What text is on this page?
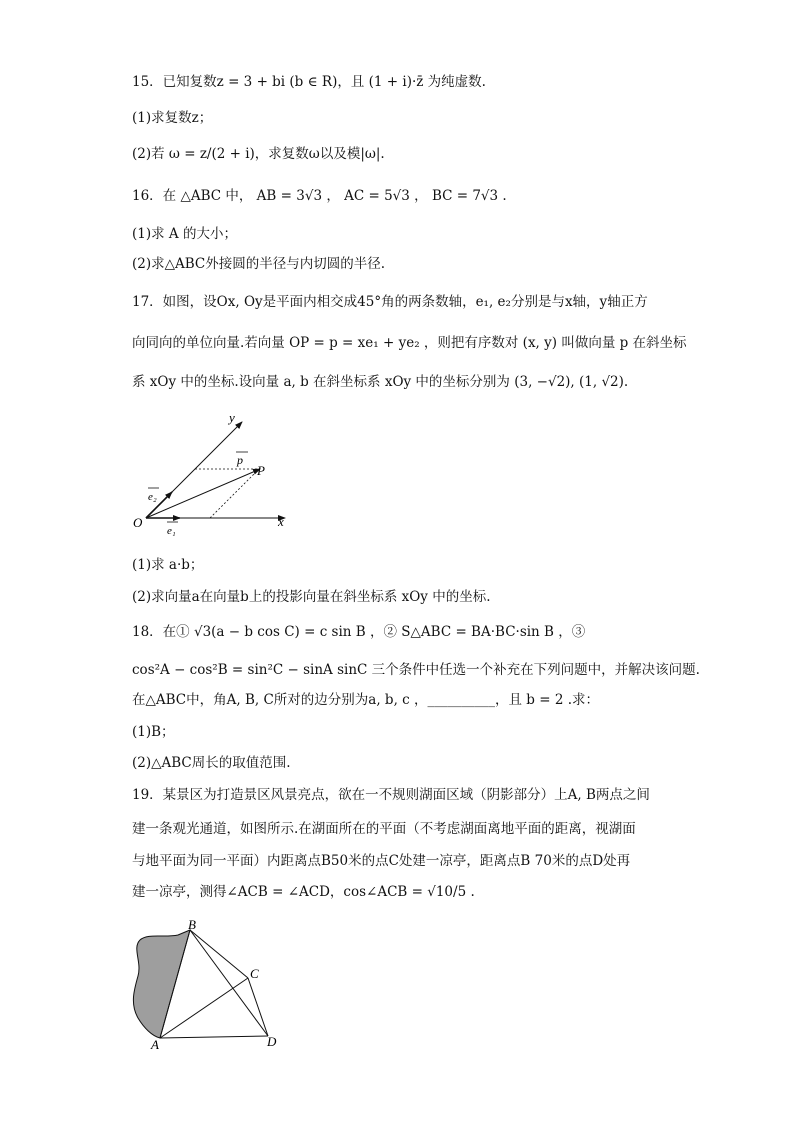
15．已知复数z = 3 + bi (b ∈ R)，且 (1 + i)·z̄ 为纯虚数.
(1)求复数z；
(2)若 ω = z/(2 + i)，求复数ω以及模|ω|.
16．在 △ABC 中， AB = 3√3 ， AC = 5√3 ， BC = 7√3 .
(1)求 A 的大小；
(2)求△ABC外接圆的半径与内切圆的半径.
17．如图，设Ox, Oy是平面内相交成45°角的两条数轴，e₁, e₂分别是与x轴，y轴正方
向同向的单位向量.若向量 OP = p = xe₁ + ye₂ ，则把有序数对 (x, y) 叫做向量 p 在斜坐标
系 xOy 中的坐标.设向量 a, b 在斜坐标系 xOy 中的坐标分别为 (3, −√2), (1, √2).
y
x
O
P
p
e₂
e₁
(1)求 a·b；
(2)求向量a在向量b上的投影向量在斜坐标系 xOy 中的坐标.
18．在① √3(a − b cos C) = c sin B ，② S△ABC = BA·BC·sin B ，③
cos²A − cos²B = sin²C − sinA sinC 三个条件中任选一个补充在下列问题中，并解决该问题.
在△ABC中，角A, B, C所对的边分别为a, b, c ，__________，且 b = 2 .求：
(1)B；
(2)△ABC周长的取值范围.
19．某景区为打造景区风景亮点，欲在一不规则湖面区域（阴影部分）上A, B两点之间
建一条观光通道，如图所示.在湖面所在的平面（不考虑湖面离地平面的距离，视湖面
与地平面为同一平面）内距离点B50米的点C处建一凉亭，距离点B 70米的点D处再
建一凉亭，测得∠ACB = ∠ACD，cos∠ACB = √10/5 .
A
B
C
D
